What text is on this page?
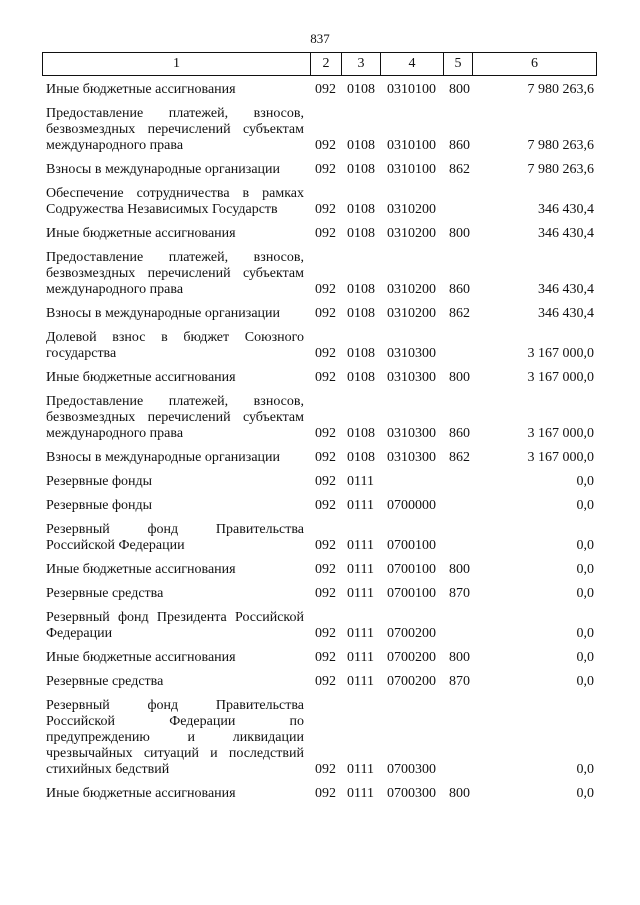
837
1	2	3	4	5	6
Иные бюджетные ассигнования	092	0108	0310100	800	7 980 263,6
Предоставление платежей, взносов, безвозмездных перечислений субъектам международного права	092	0108	0310100	860	7 980 263,6
Взносы в международные организации	092	0108	0310100	862	7 980 263,6
Обеспечение сотрудничества в рамках Содружества Независимых Государств	092	0108	0310200		346 430,4
Иные бюджетные ассигнования	092	0108	0310200	800	346 430,4
Предоставление платежей, взносов, безвозмездных перечислений субъектам международного права	092	0108	0310200	860	346 430,4
Взносы в международные организации	092	0108	0310200	862	346 430,4
Долевой взнос в бюджет Союзного государства	092	0108	0310300		3 167 000,0
Иные бюджетные ассигнования	092	0108	0310300	800	3 167 000,0
Предоставление платежей, взносов, безвозмездных перечислений субъектам международного права	092	0108	0310300	860	3 167 000,0
Взносы в международные организации	092	0108	0310300	862	3 167 000,0
Резервные фонды	092	0111			0,0
Резервные фонды	092	0111	0700000		0,0
Резервный фонд Правительства Российской Федерации	092	0111	0700100		0,0
Иные бюджетные ассигнования	092	0111	0700100	800	0,0
Резервные средства	092	0111	0700100	870	0,0
Резервный фонд Президента Российской Федерации	092	0111	0700200		0,0
Иные бюджетные ассигнования	092	0111	0700200	800	0,0
Резервные средства	092	0111	0700200	870	0,0
Резервный фонд Правительства Российской Федерации по предупреждению и ликвидации чрезвычайных ситуаций и последствий стихийных бедствий	092	0111	0700300		0,0
Иные бюджетные ассигнования	092	0111	0700300	800	0,0
